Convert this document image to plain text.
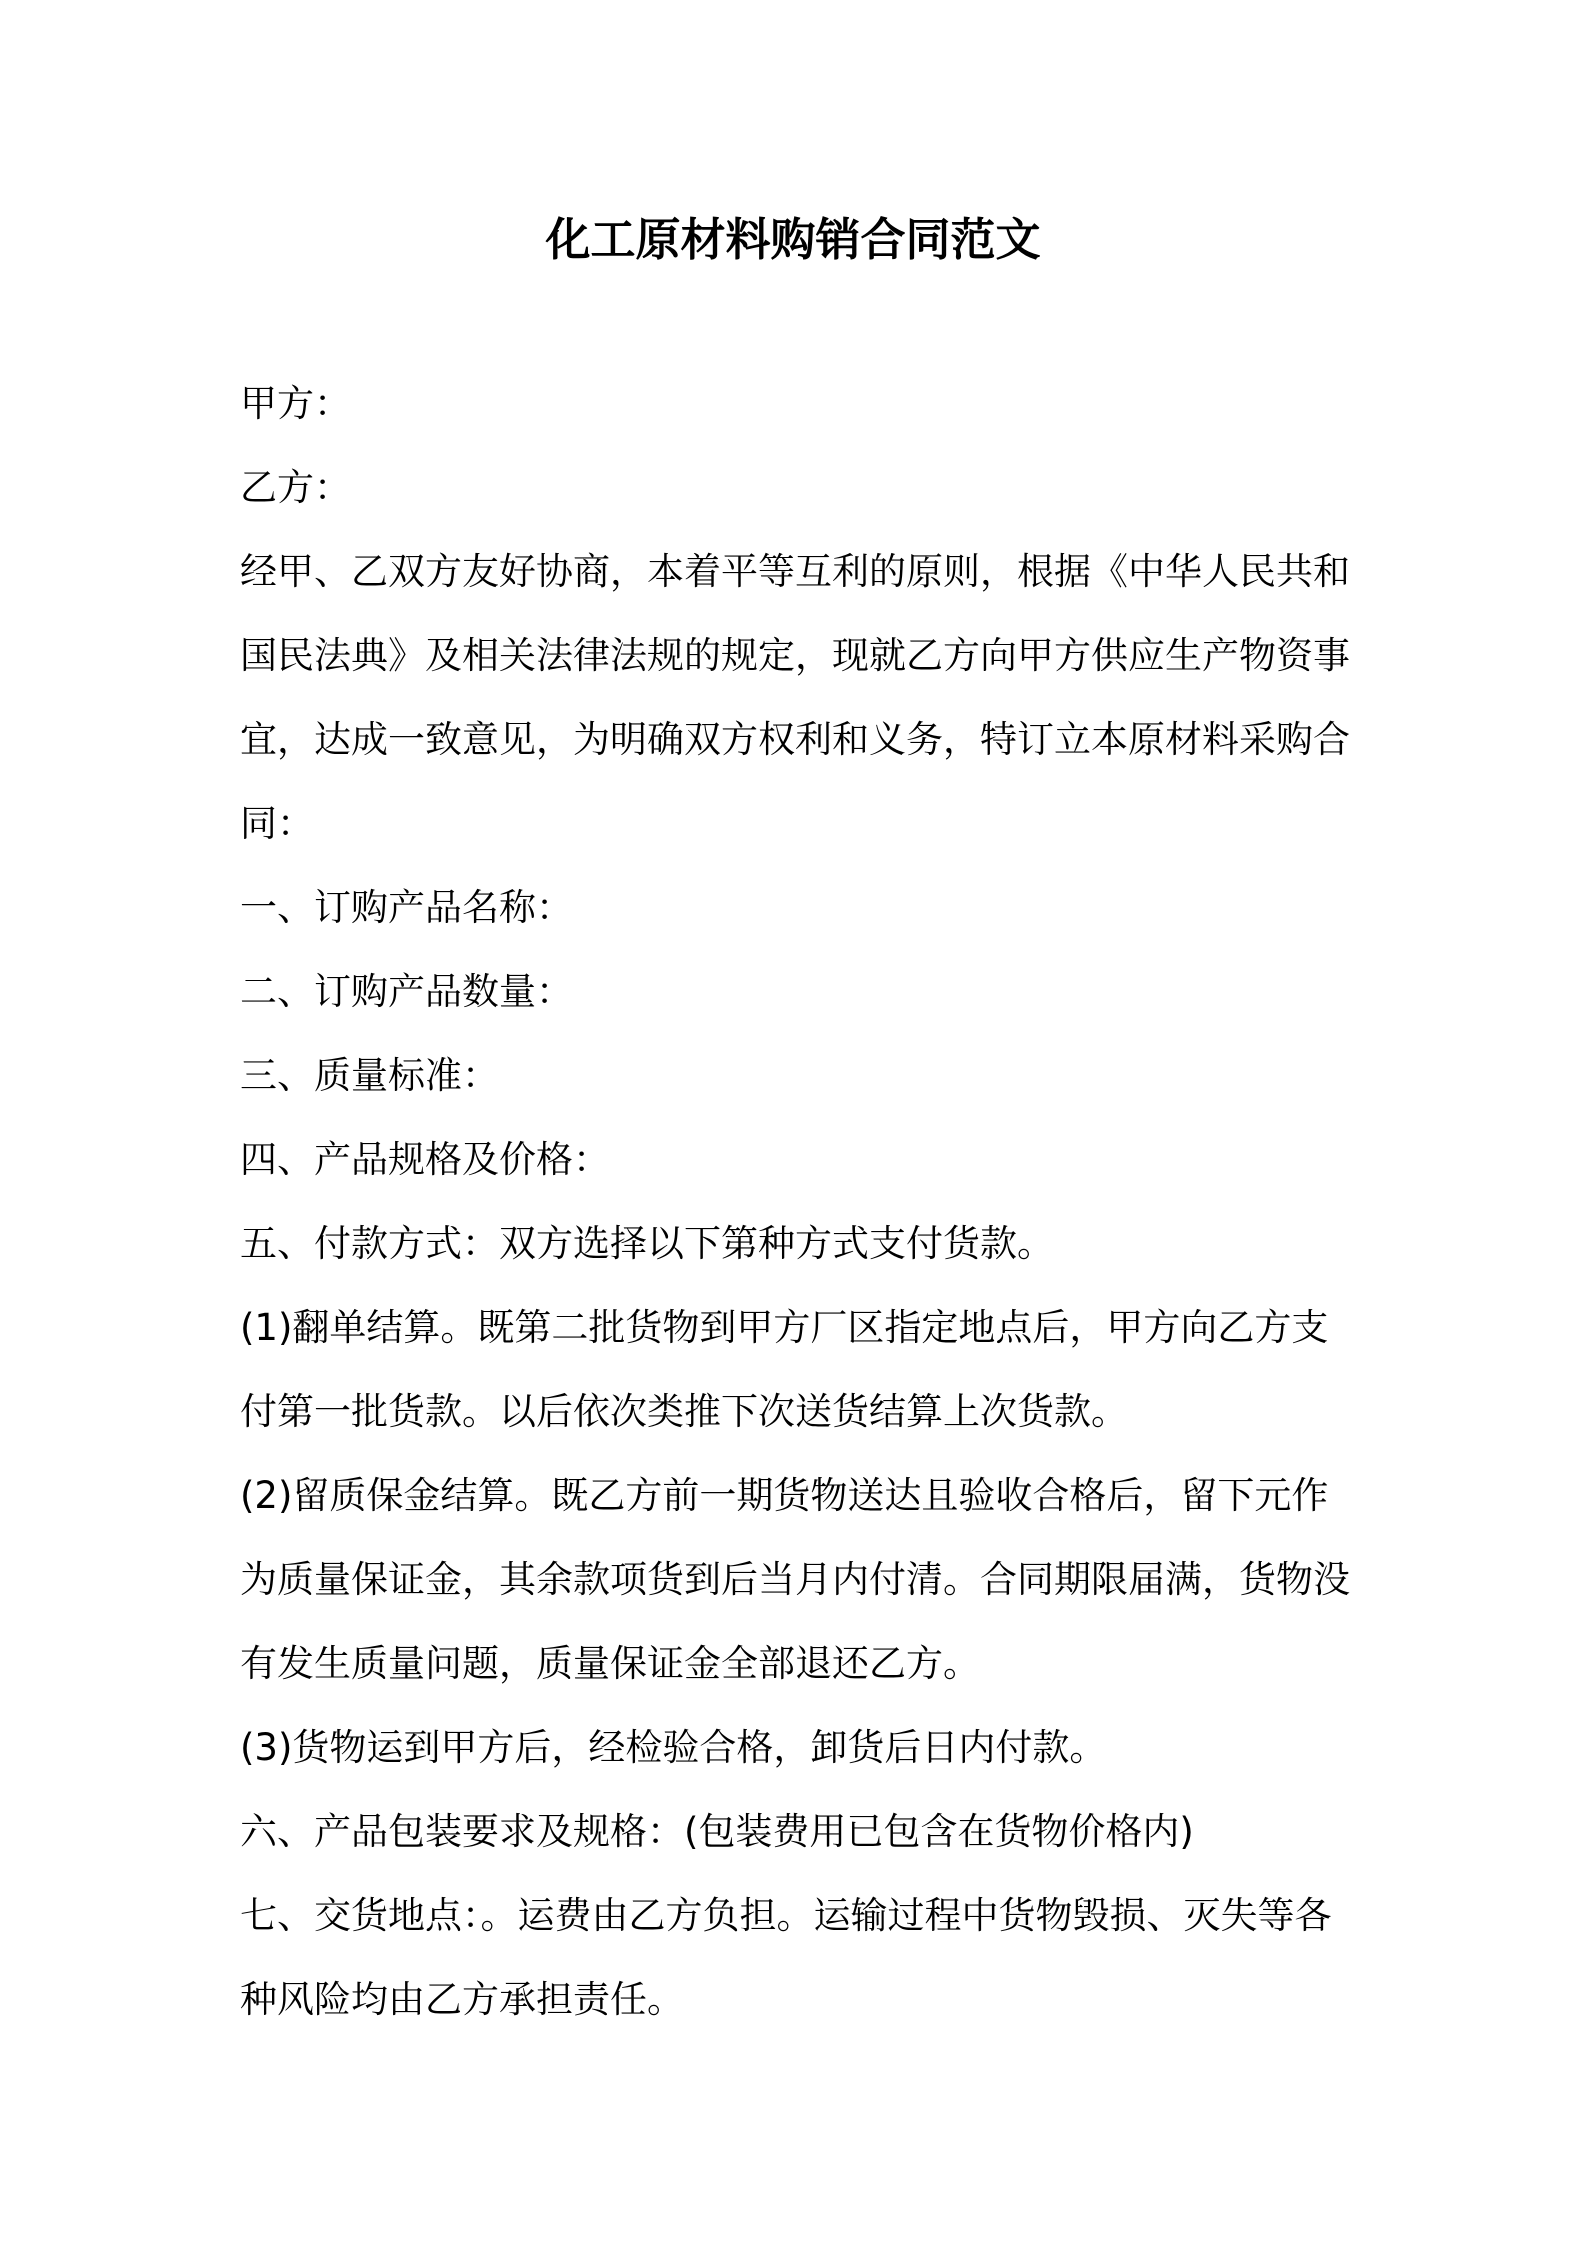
化工原材料购销合同范文
甲方：
乙方：
经甲、乙双方友好协商，本着平等互利的原则，根据《中华人民共和
国民法典》及相关法律法规的规定，现就乙方向甲方供应生产物资事
宜，达成一致意见，为明确双方权利和义务，特订立本原材料采购合
同：
一、订购产品名称：
二、订购产品数量：
三、质量标准：
四、产品规格及价格：
五、付款方式：双方选择以下第种方式支付货款。
(1)翻单结算。既第二批货物到甲方厂区指定地点后，甲方向乙方支
付第一批货款。以后依次类推下次送货结算上次货款。
(2)留质保金结算。既乙方前一期货物送达且验收合格后，留下元作
为质量保证金，其余款项货到后当月内付清。合同期限届满，货物没
有发生质量问题，质量保证金全部退还乙方。
(3)货物运到甲方后，经检验合格，卸货后日内付款。
六、产品包装要求及规格：(包装费用已包含在货物价格内)
七、交货地点：。运费由乙方负担。运输过程中货物毁损、灭失等各
种风险均由乙方承担责任。
